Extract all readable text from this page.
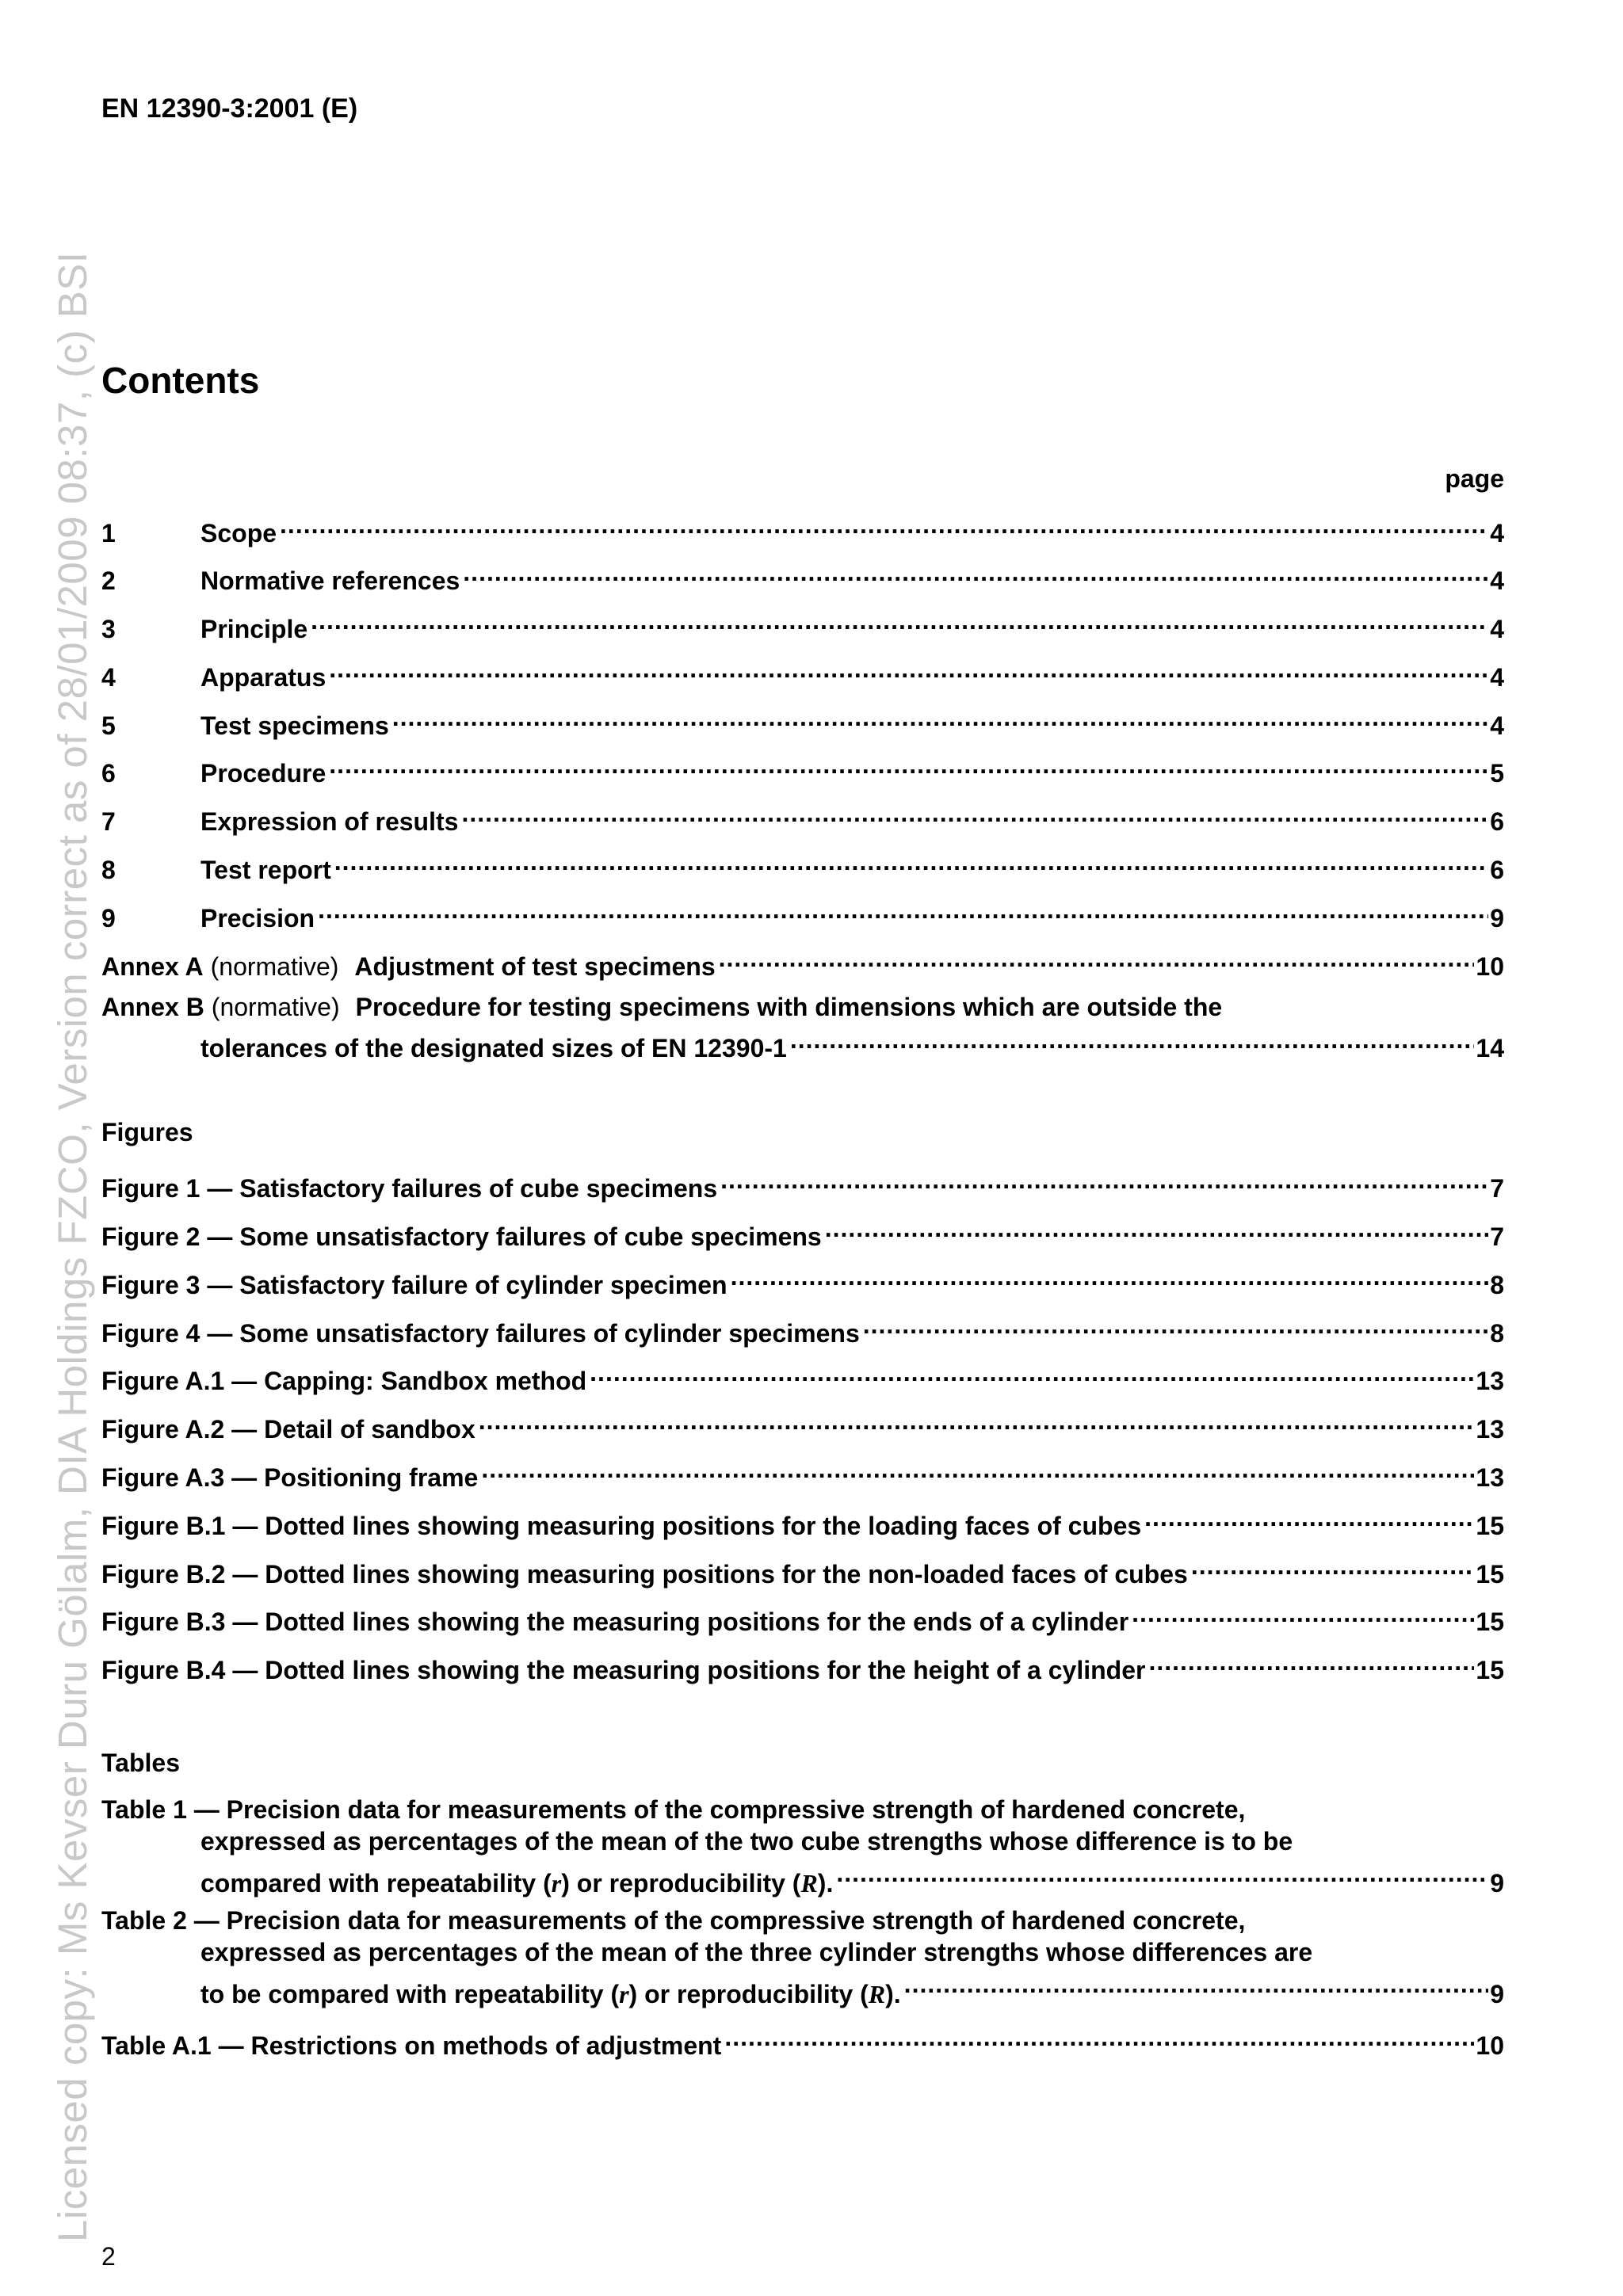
Licensed copy: Ms Kevser Duru Gölalm, DIA Holdings FZCO, Version correct as of 28/01/2009 08:37, (c) BSI
EN 12390-3:2001 (E)
Contents
page
1	Scope .....	4
2	Normative references .....	4
3	Principle .....	4
4	Apparatus .....	4
5	Test specimens .....	4
6	Procedure .....	5
7	Expression of results .....	6
8	Test report .....	6
9	Precision .....	9
Annex A (normative) Adjustment of test specimens .....	10
Annex B (normative) Procedure for testing specimens with dimensions which are outside the
tolerances of the designated sizes of EN 12390-1 .....	14
Figures
Figure 1 — Satisfactory failures of cube specimens .....	7
Figure 2 — Some unsatisfactory failures of cube specimens .....	7
Figure 3 — Satisfactory failure of cylinder specimen .....	8
Figure 4 — Some unsatisfactory failures of cylinder specimens .....	8
Figure A.1 — Capping: Sandbox method .....	13
Figure A.2 — Detail of sandbox .....	13
Figure A.3 — Positioning frame .....	13
Figure B.1 — Dotted lines showing measuring positions for the loading faces of cubes .....	15
Figure B.2 — Dotted lines showing measuring positions for the non-loaded faces of cubes .....	15
Figure B.3 — Dotted lines showing the measuring positions for the ends of a cylinder .....	15
Figure B.4 — Dotted lines showing the measuring positions for the height of a cylinder .....	15
Tables
Table 1 — Precision data for measurements of the compressive strength of hardened concrete,
expressed as percentages of the mean of the two cube strengths whose difference is to be
compared with repeatability (r) or reproducibility (R). .....	9
Table 2 — Precision data for measurements of the compressive strength of hardened concrete,
expressed as percentages of the mean of the three cylinder strengths whose differences are
to be compared with repeatability (r) or reproducibility (R). .....	9
Table A.1 — Restrictions on methods of adjustment .....	10
2
